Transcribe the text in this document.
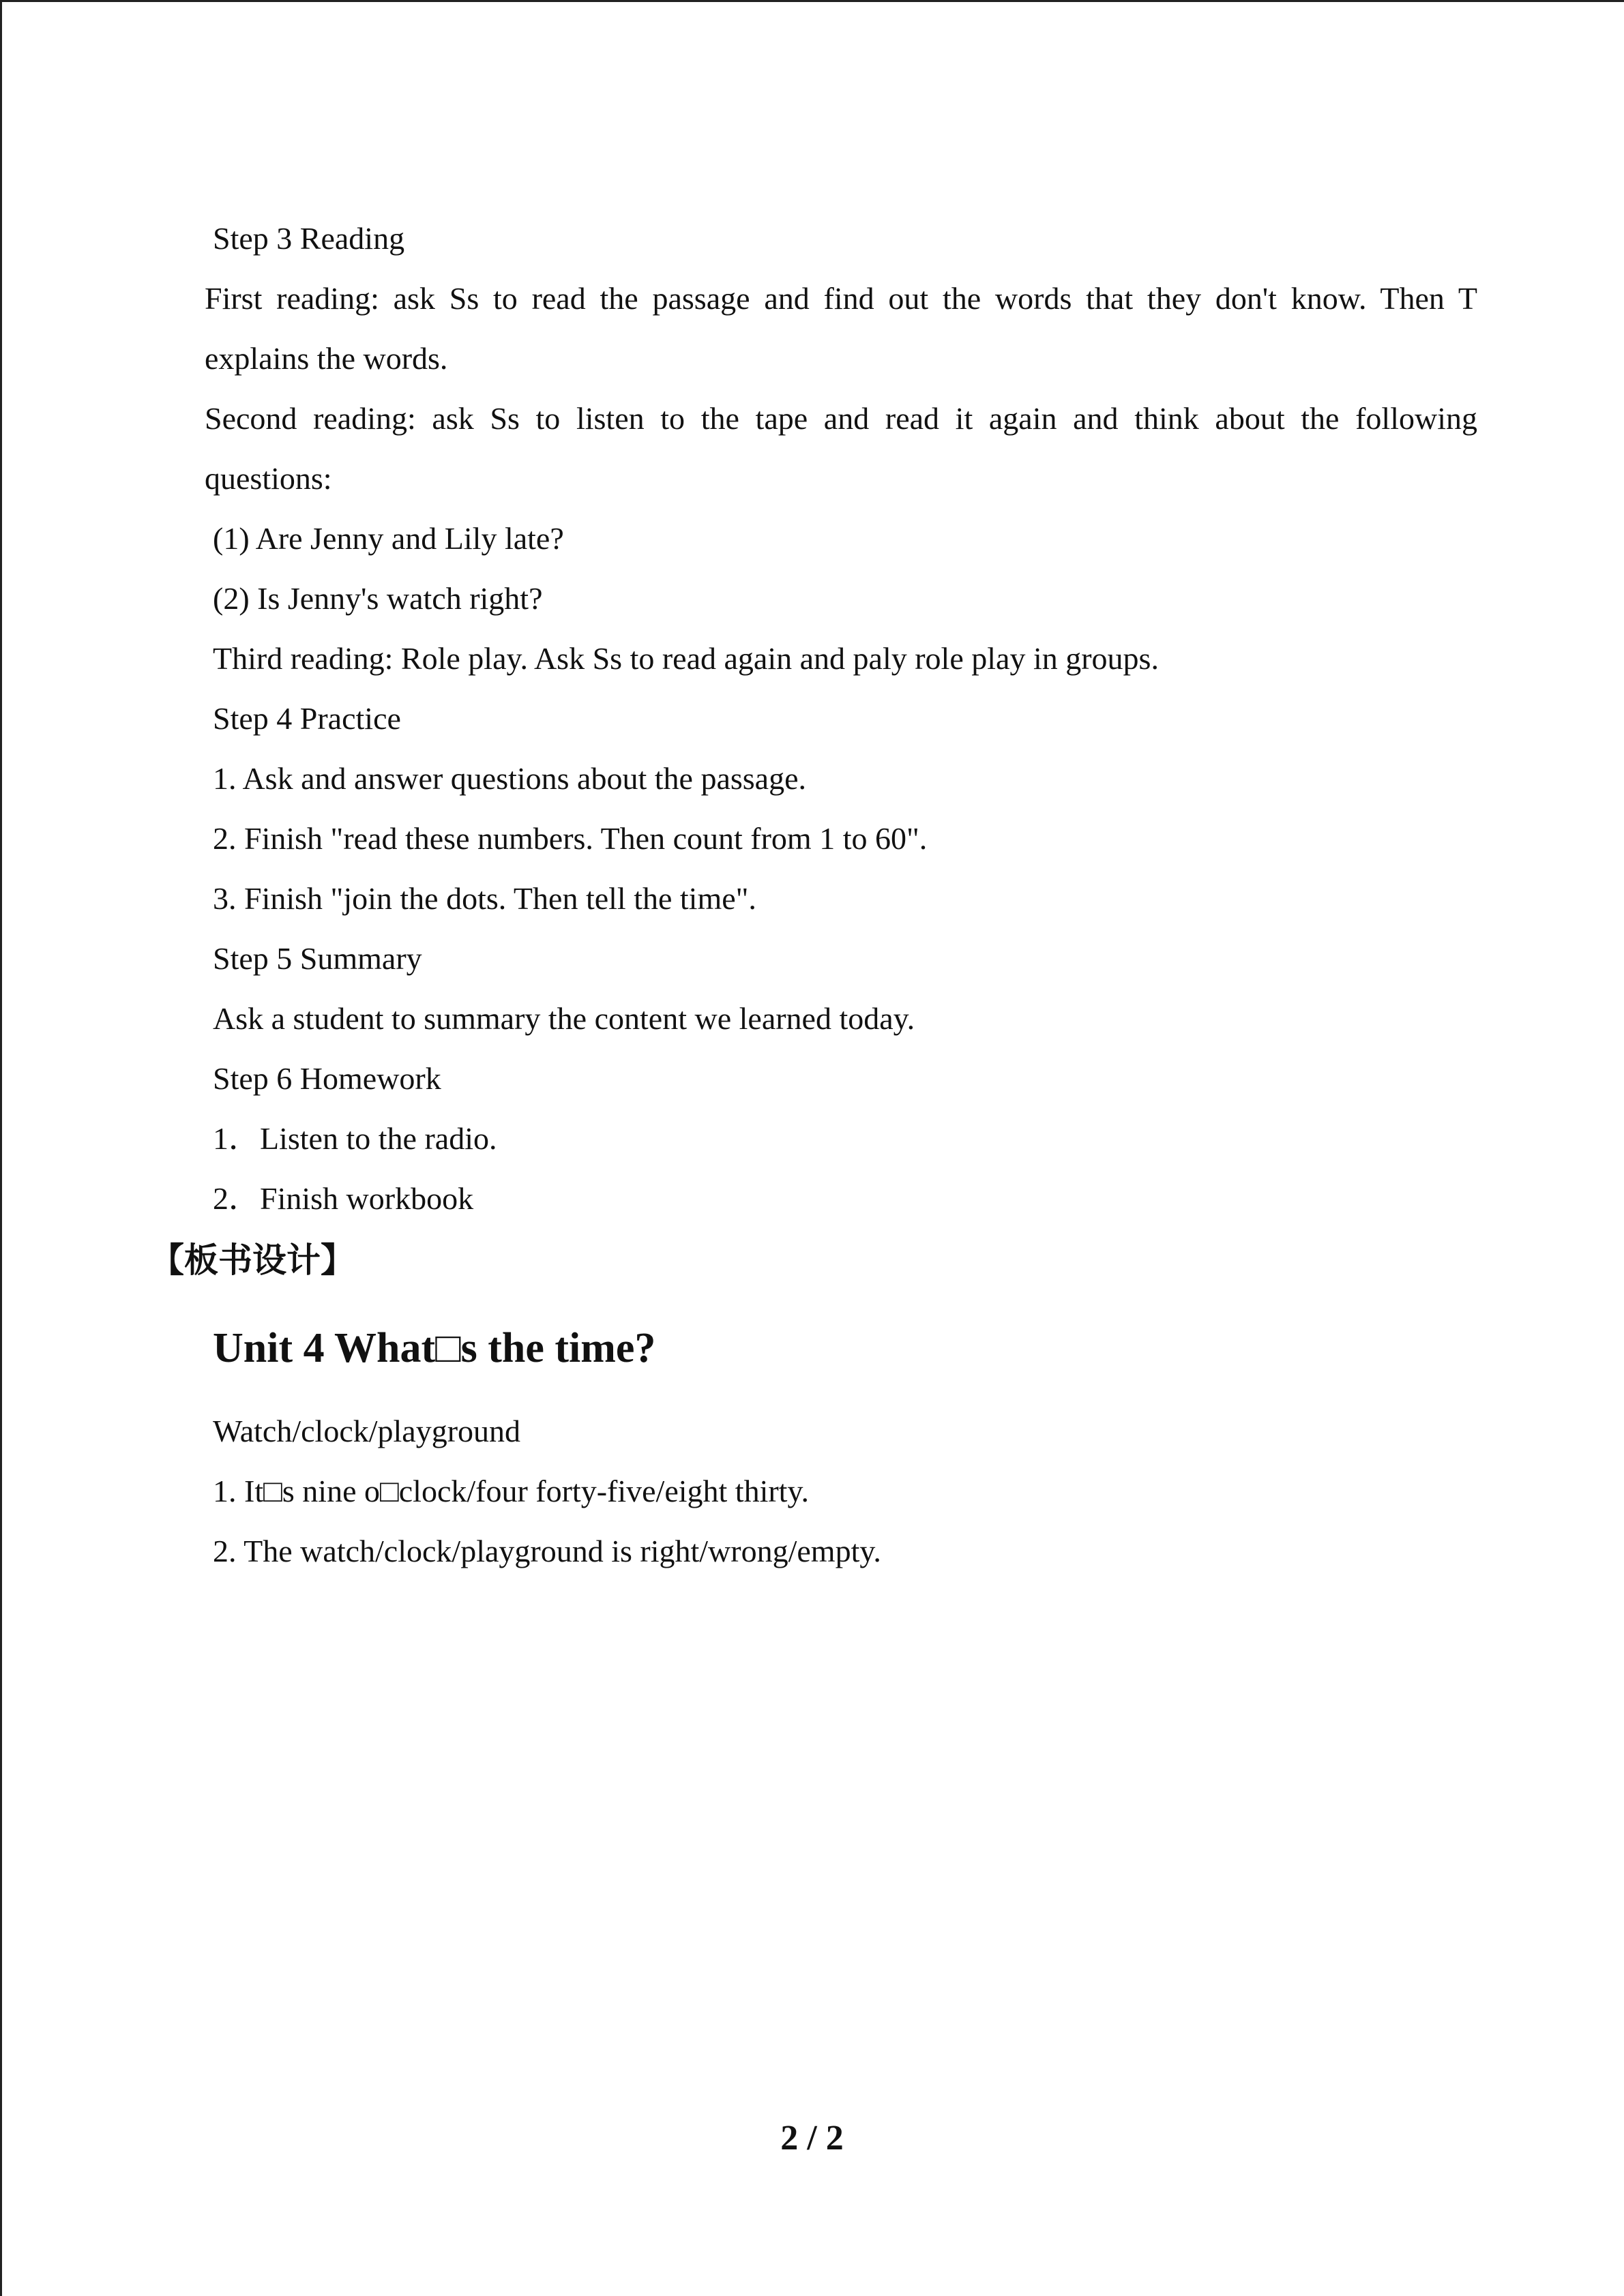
Step 3 Reading
First reading: ask Ss to read the passage and find out the words that they don't know. Then T
explains the words.
Second reading: ask Ss to listen to the tape and read it again and think about the following
questions:
(1) Are Jenny and Lily late?
(2) Is Jenny's watch right?
Third reading: Role play. Ask Ss to read again and paly role play in groups.
Step 4 Practice
1. Ask and answer questions about the passage.
2. Finish "read these numbers. Then count from 1 to 60".
3. Finish "join the dots. Then tell the time".
Step 5 Summary
Ask a student to summary the content we learned today.
Step 6 Homework
1．Listen to the radio.
2．Finish workbook
【板书设计】
Unit 4 What□s the time?
Watch/clock/playground
1. It□s nine o□clock/four forty-five/eight thirty.
2. The watch/clock/playground is right/wrong/empty.
2 / 2
